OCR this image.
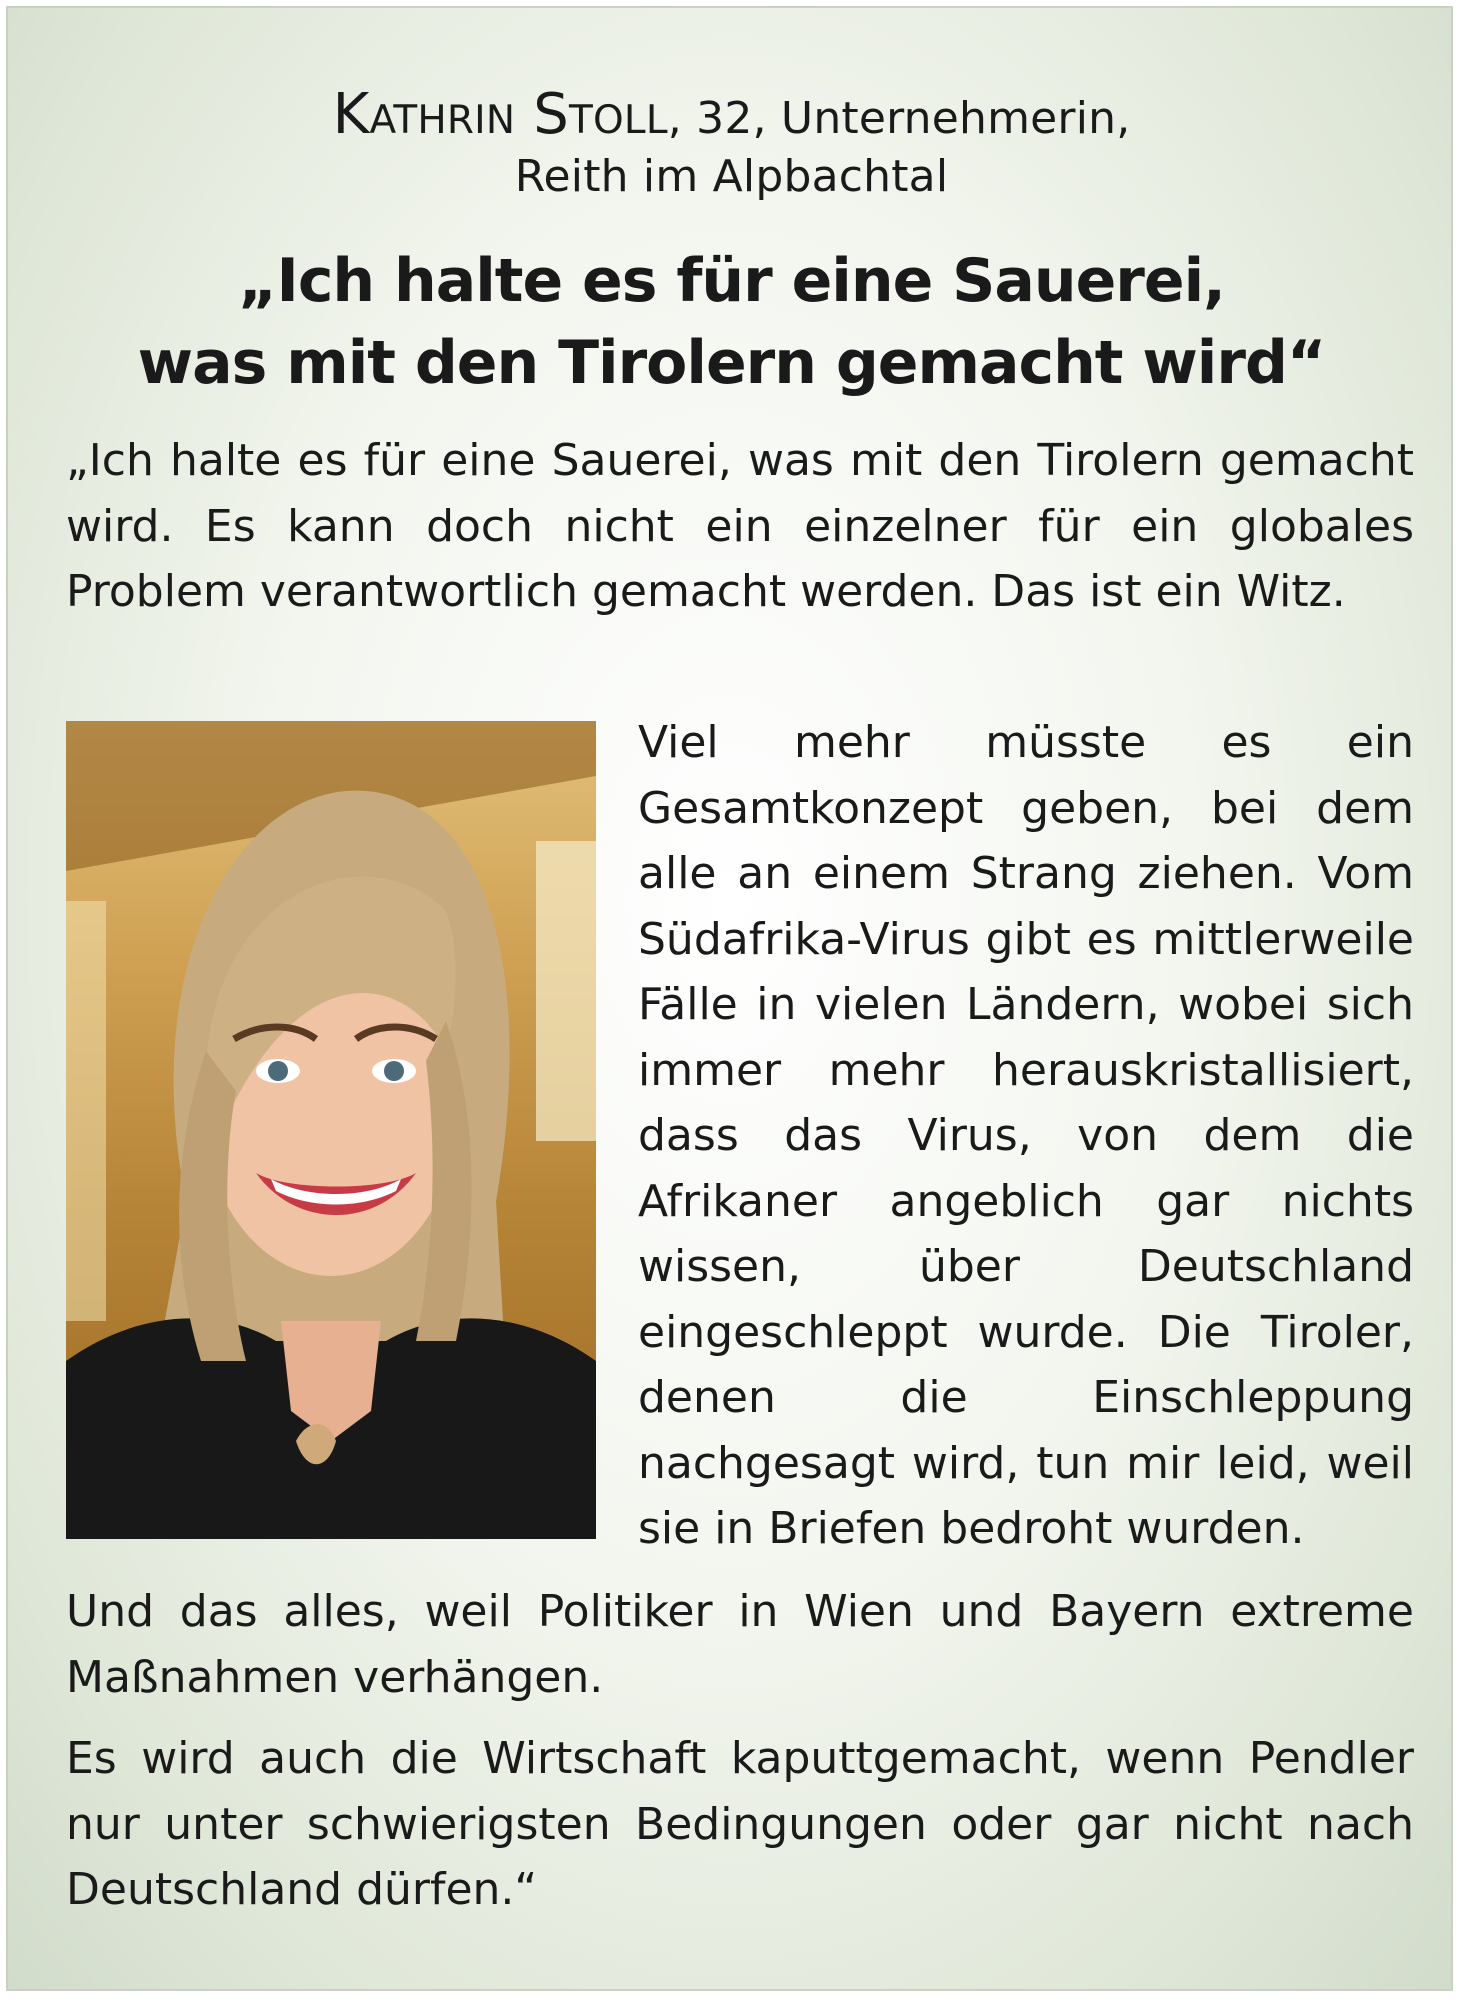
Kathrin Stoll, 32, Unternehmerin,
Reith im Alpbachtal
„Ich halte es für eine Sauerei,
was mit den Tirolern gemacht wird“
„Ich halte es für eine Sauerei, was mit den Tirolern gemacht wird. Es kann doch nicht ein einzelner für ein globales Problem verantwortlich gemacht werden. Das ist ein Witz.
Viel mehr müsste es ein Gesamtkonzept geben, bei dem alle an einem Strang ziehen. Vom Südafrika-Virus gibt es mittlerweile Fälle in vielen Ländern, wobei sich immer mehr herauskristallisiert, dass das Virus, von dem die Afrikaner angeblich gar nichts wissen, über Deutschland eingeschleppt wurde. Die Tiroler, denen die Einschleppung nachgesagt wird, tun mir leid, weil sie in Briefen bedroht wurden.
Und das alles, weil Politiker in Wien und Bayern extreme Maßnahmen verhängen.
Es wird auch die Wirtschaft kaputtgemacht, wenn Pendler nur unter schwierigsten Bedingungen oder gar nicht nach Deutschland dürfen.“
